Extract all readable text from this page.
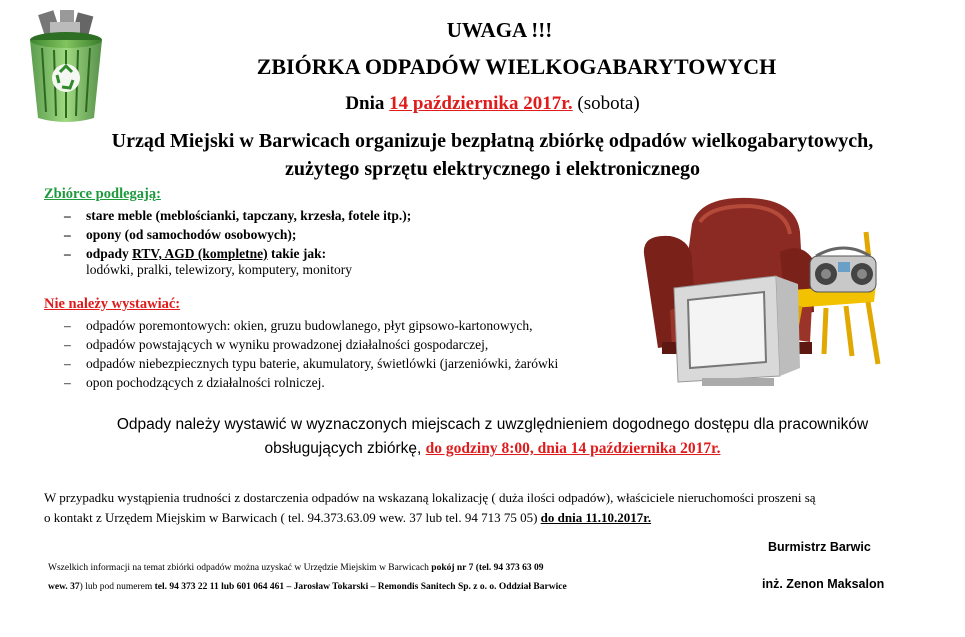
UWAGA !!!
ZBIÓRKA ODPADÓW WIELKOGABARYTOWYCH
Dnia 14 października 2017r. (sobota)
Urząd Miejski w Barwicach organizuje bezpłatną zbiórkę odpadów wielkogabarytowych,
zużytego sprzętu elektrycznego i elektronicznego
Zbiórce podlegają:
– stare meble (meblościanki, tapczany, krzesła, fotele itp.);
– opony (od samochodów osobowych);
– odpady RTV, AGD (kompletne) takie jak:
lodówki, pralki, telewizory, komputery, monitory
Nie należy wystawiać:
– odpadów poremontowych: okien, gruzu budowlanego, płyt gipsowo-kartonowych,
– odpadów powstających w wyniku prowadzonej działalności gospodarczej,
– odpadów niebezpiecznych typu baterie, akumulatory, świetlówki (jarzeniówki, żarówki
– opon pochodzących z działalności rolniczej.
Odpady należy wystawić w wyznaczonych miejscach z uwzględnieniem dogodnego dostępu dla pracowników
obsługujących zbiórkę, do godziny 8:00, dnia 14 października 2017r.
W przypadku wystąpienia trudności z dostarczenia odpadów na wskazaną lokalizację ( duża ilości odpadów), właściciele nieruchomości proszeni są
o kontakt z Urzędem Miejskim w Barwicach ( tel. 94.373.63.09 wew. 37 lub tel. 94 713 75 05) do dnia 11.10.2017r.
Wszelkich informacji na temat zbiórki odpadów można uzyskać w Urzędzie Miejskim w Barwicach pokój nr 7 (tel. 94 373 63 09
wew. 37) lub pod numerem tel. 94 373 22 11 lub 601 064 461 – Jarosław Tokarski – Remondis Sanitech Sp. z o. o. Oddział Barwice
Burmistrz Barwic
inż. Zenon Maksalon
